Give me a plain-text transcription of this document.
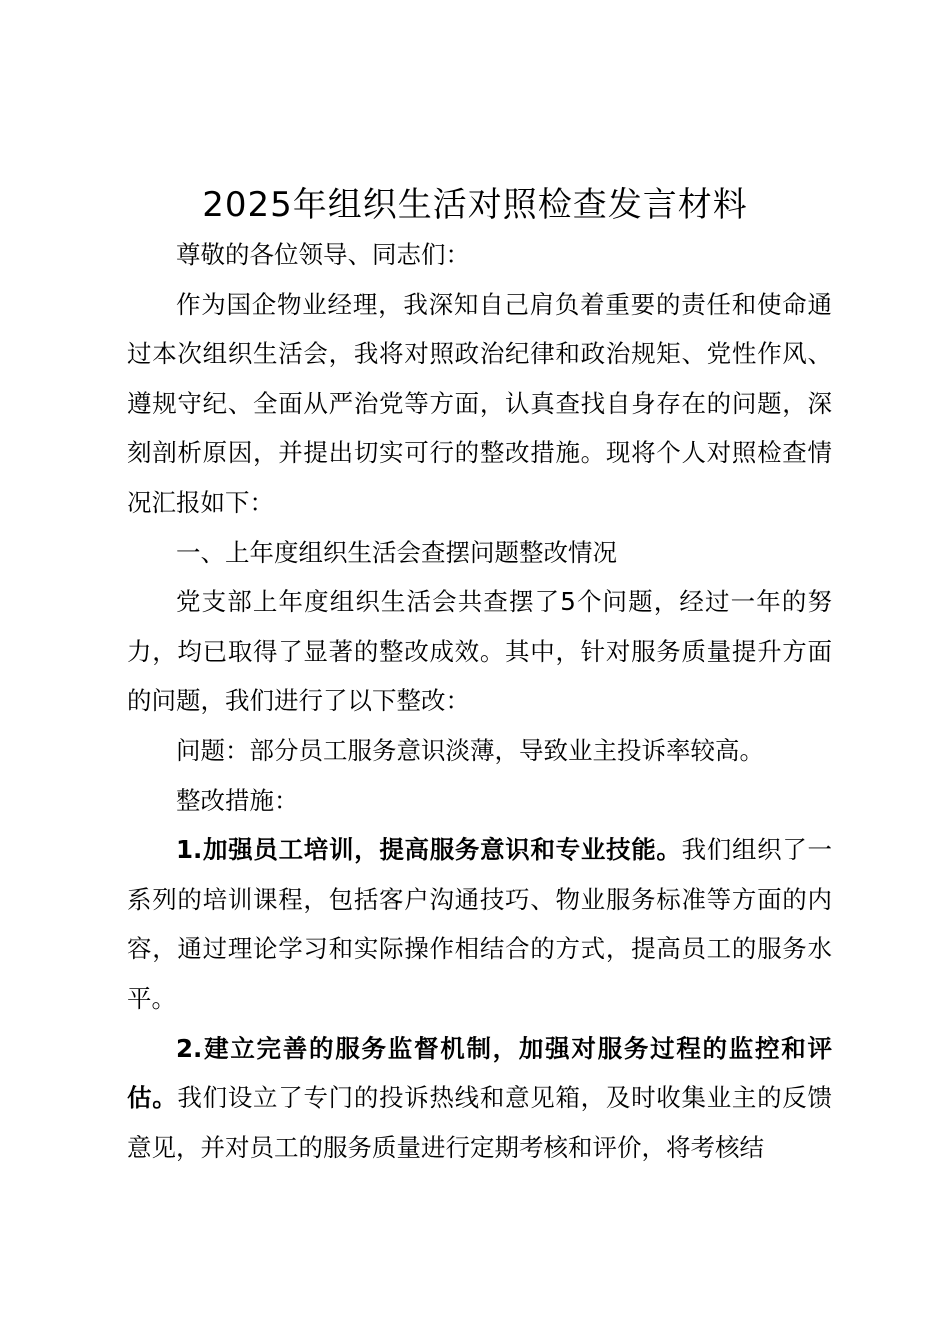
2025年组织生活对照检查发言材料

尊敬的各位领导、同志们：

作为国企物业经理，我深知自己肩负着重要的责任和使命通过本次组织生活会，我将对照政治纪律和政治规矩、党性作风、遵规守纪、全面从严治党等方面，认真查找自身存在的问题，深刻剖析原因，并提出切实可行的整改措施。现将个人对照检查情况汇报如下：

一、上年度组织生活会查摆问题整改情况

党支部上年度组织生活会共查摆了5个问题，经过一年的努力，均已取得了显著的整改成效。其中，针对服务质量提升方面的问题，我们进行了以下整改：

问题：部分员工服务意识淡薄，导致业主投诉率较高。

整改措施：

1.加强员工培训，提高服务意识和专业技能。我们组织了一系列的培训课程，包括客户沟通技巧、物业服务标准等方面的内容，通过理论学习和实际操作相结合的方式，提高员工的服务水平。

2.建立完善的服务监督机制，加强对服务过程的监控和评估。我们设立了专门的投诉热线和意见箱，及时收集业主的反馈意见，并对员工的服务质量进行定期考核和评价，将考核结
